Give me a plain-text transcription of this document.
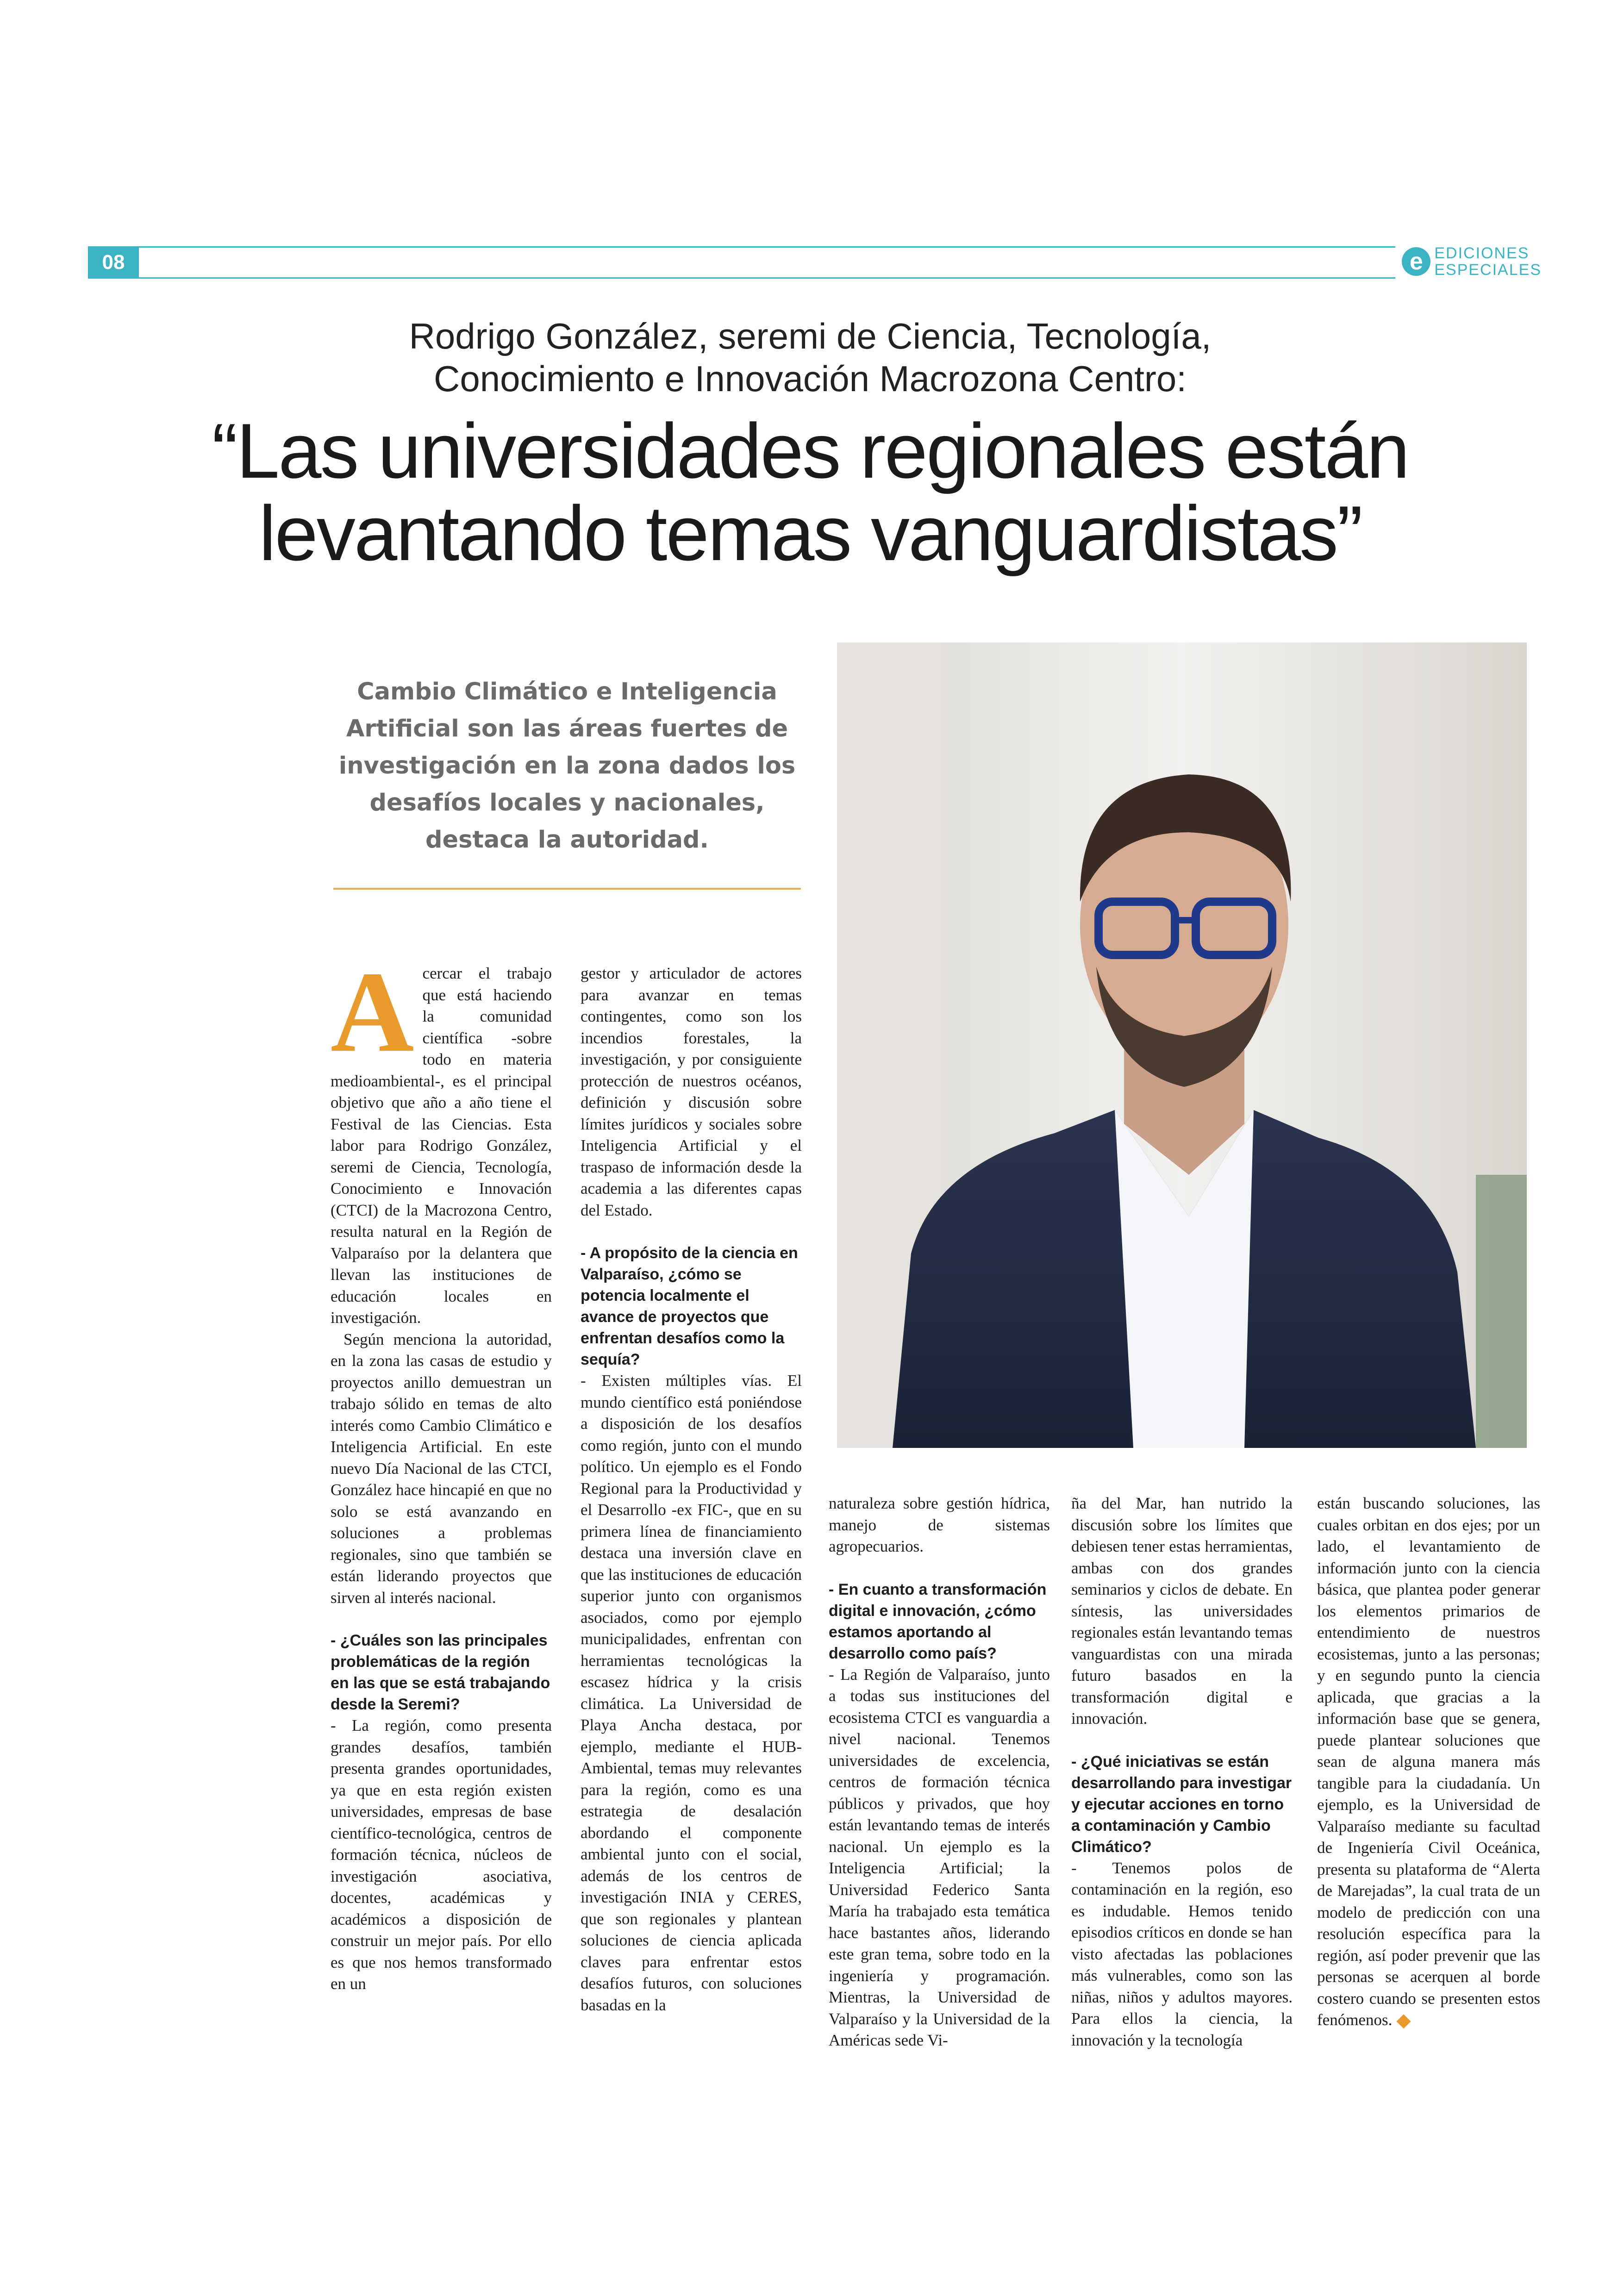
08	e EDICIONES
ESPECIALES
Rodrigo González, seremi de Ciencia, Tecnología,
Conocimiento e Innovación Macrozona Centro:
“Las universidades regionales están
levantando temas vanguardistas”
Cambio Climático e Inteligencia Artificial son las áreas fuertes de investigación en la zona dados los desafíos locales y nacionales, destaca la autoridad.
A cercar el trabajo que está haciendo la comunidad científica -sobre todo en materia medioambiental-, es el principal objetivo que año a año tiene el Festival de las Ciencias. Esta labor para Rodrigo González, seremi de Ciencia, Tecnología, Conocimiento e Innovación (CTCI) de la Macrozona Centro, resulta natural en la Región de Valparaíso por la delantera que llevan las instituciones de educación locales en investigación.

Según menciona la autoridad, en la zona las casas de estudio y proyectos anillo demuestran un trabajo sólido en temas de alto interés como Cambio Climático e Inteligencia Artificial. En este nuevo Día Nacional de las CTCI, González hace hincapié en que no solo se está avanzando en soluciones a problemas regionales, sino que también se están liderando proyectos que sirven al interés nacional.

- ¿Cuáles son las principales problemáticas de la región en las que se está trabajando desde la Seremi?

- La región, como presenta grandes desafíos, también presenta grandes oportunidades, ya que en esta región existen universidades, empresas de base científico-tecnológica, centros de formación técnica, núcleos de investigación asociativa, docentes, académicas y académicos a disposición de construir un mejor país. Por ello es que nos hemos transformado en un

gestor y articulador de actores para avanzar en temas contingentes, como son los incendios forestales, la investigación, y por consiguiente protección de nuestros océanos, definición y discusión sobre límites jurídicos y sociales sobre Inteligencia Artificial y el traspaso de información desde la academia a las diferentes capas del Estado.

- A propósito de la ciencia en Valparaíso, ¿cómo se potencia localmente el avance de proyectos que enfrentan desafíos como la sequía?

- Existen múltiples vías. El mundo científico está poniéndose a disposición de los desafíos como región, junto con el mundo político. Un ejemplo es el Fondo Regional para la Productividad y el Desarrollo -ex FIC-, que en su primera línea de financiamiento destaca una inversión clave en que las instituciones de educación superior junto con organismos asociados, como por ejemplo municipalidades, enfrentan con herramientas tecnológicas la escasez hídrica y la crisis climática. La Universidad de Playa Ancha destaca, por ejemplo, mediante el HUB-Ambiental, temas muy relevantes para la región, como es una estrategia de desalación abordando el componente ambiental junto con el social, además de los centros de investigación INIA y CERES, que son regionales y plantean soluciones de ciencia aplicada claves para enfrentar estos desafíos futuros, con soluciones basadas en la

naturaleza sobre gestión hídrica, manejo de sistemas agropecuarios.

- En cuanto a transformación digital e innovación, ¿cómo estamos aportando al desarrollo como país?

- La Región de Valparaíso, junto a todas sus instituciones del ecosistema CTCI es vanguardia a nivel nacional. Tenemos universidades de excelencia, centros de formación técnica públicos y privados, que hoy están levantando temas de interés nacional. Un ejemplo es la Inteligencia Artificial; la Universidad Federico Santa María ha trabajado esta temática hace bastantes años, liderando este gran tema, sobre todo en la ingeniería y programación. Mientras, la Universidad de Valparaíso y la Universidad de la Américas sede Vi-

ña del Mar, han nutrido la discusión sobre los límites que debiesen tener estas herramientas, ambas con dos grandes seminarios y ciclos de debate. En síntesis, las universidades regionales están levantando temas vanguardistas con una mirada futuro basados en la transformación digital e innovación.

- ¿Qué iniciativas se están desarrollando para investigar y ejecutar acciones en torno a contaminación y Cambio Climático?

- Tenemos polos de contaminación en la región, eso es indudable. Hemos tenido episodios críticos en donde se han visto afectadas las poblaciones más vulnerables, como son las niñas, niños y adultos mayores. Para ellos la ciencia, la innovación y la tecnología

están buscando soluciones, las cuales orbitan en dos ejes; por un lado, el levantamiento de información junto con la ciencia básica, que plantea poder generar los elementos primarios de entendimiento de nuestros ecosistemas, junto a las personas; y en segundo punto la ciencia aplicada, que gracias a la información base que se genera, puede plantear soluciones que sean de alguna manera más tangible para la ciudadanía. Un ejemplo, es la Universidad de Valparaíso mediante su facultad de Ingeniería Civil Oceánica, presenta su plataforma de “Alerta de Marejadas”, la cual trata de un modelo de predicción con una resolución específica para la región, así poder prevenir que las personas se acerquen al borde costero cuando se presenten estos fenómenos.
